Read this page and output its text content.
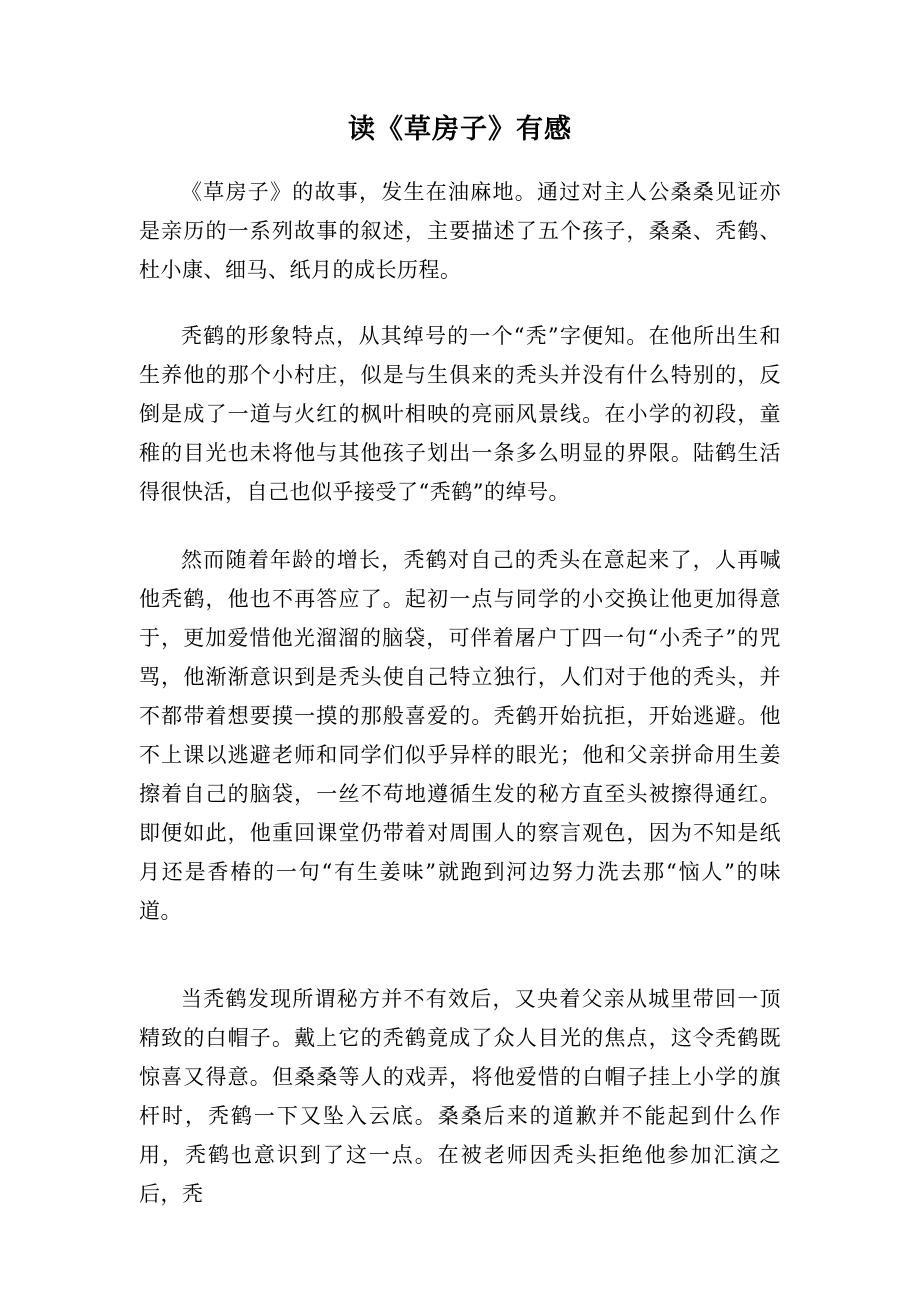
读《草房子》有感

《草房子》的故事，发生在油麻地。通过对主人公桑桑见证亦是亲历的一系列故事的叙述，主要描述了五个孩子，桑桑、秃鹤、杜小康、细马、纸月的成长历程。

秃鹤的形象特点，从其绰号的一个“秃”字便知。在他所出生和生养他的那个小村庄，似是与生俱来的秃头并没有什么特别的，反倒是成了一道与火红的枫叶相映的亮丽风景线。在小学的初段，童稚的目光也未将他与其他孩子划出一条多么明显的界限。陆鹤生活得很快活，自己也似乎接受了“秃鹤”的绰号。

然而随着年龄的增长，秃鹤对自己的秃头在意起来了，人再喊他秃鹤，他也不再答应了。起初一点与同学的小交换让他更加得意于，更加爱惜他光溜溜的脑袋，可伴着屠户丁四一句“小秃子”的咒骂，他渐渐意识到是秃头使自己特立独行，人们对于他的秃头，并不都带着想要摸一摸的那般喜爱的。秃鹤开始抗拒，开始逃避。他不上课以逃避老师和同学们似乎异样的眼光；他和父亲拼命用生姜擦着自己的脑袋，一丝不苟地遵循生发的秘方直至头被擦得通红。即便如此，他重回课堂仍带着对周围人的察言观色，因为不知是纸月还是香椿的一句“有生姜味”就跑到河边努力洗去那“恼人”的味道。

当秃鹤发现所谓秘方并不有效后，又央着父亲从城里带回一顶精致的白帽子。戴上它的秃鹤竟成了众人目光的焦点，这令秃鹤既惊喜又得意。但桑桑等人的戏弄，将他爱惜的白帽子挂上小学的旗杆时，秃鹤一下又坠入云底。桑桑后来的道歉并不能起到什么作用，秃鹤也意识到了这一点。在被老师因秃头拒绝他参加汇演之后，秃
